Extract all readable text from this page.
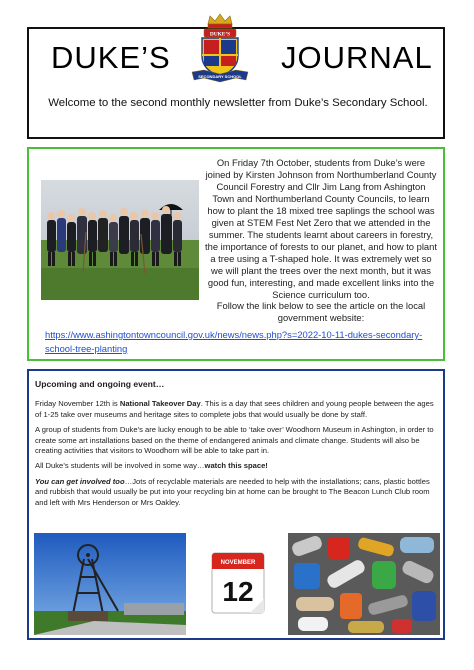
DUKE’S
DUKE’S
SECONDARY SCHOOL
JOURNAL
Welcome to the second monthly newsletter from Duke’s Secondary School.
On Friday 7th October, students from Duke’s were joined by Kirsten Johnson from Northumberland County Council Forestry and Cllr Jim Lang from Ashington Town and Northumberland County Councils, to learn how to plant the 18 mixed tree saplings the school was given at STEM Fest Net Zero that we attended in the summer. The students learnt about careers in forestry, the importance of forests to our planet, and how to plant a tree using a T-shaped hole. It was extremely wet so we will plant the trees over the next month, but it was good fun, interesting, and made excellent links into the Science curriculum too.
Follow the link below to see the article on the local government website:
https://www.ashingtontowncouncil.gov.uk/news/news.php?s=2022-10-11-dukes-secondary-school-tree-planting
Upcoming and ongoing event…

Friday November 12th is National Takeover Day. This is a day that sees children and young people between the ages of 1-25 take over museums and heritage sites to complete jobs that would usually be done by staff.

A group of students from Duke’s are lucky enough to be able to ‘take over’ Woodhorn Museum in Ashington, in order to create some art installations based on the theme of endangered animals and climate change. Students will also be creating activities that visitors to Woodhorn will be able to take part in.

All Duke’s students will be involved in some way…watch this space!

You can get involved too…Jots of recyclable materials are needed to help with the installations; cans, plastic bottles and rubbish that would usually be put into your recycling bin at home can be brought to The Beacon Lunch Club room and left with Mrs Henderson or Mrs Oakley.

NOVEMBER
12
